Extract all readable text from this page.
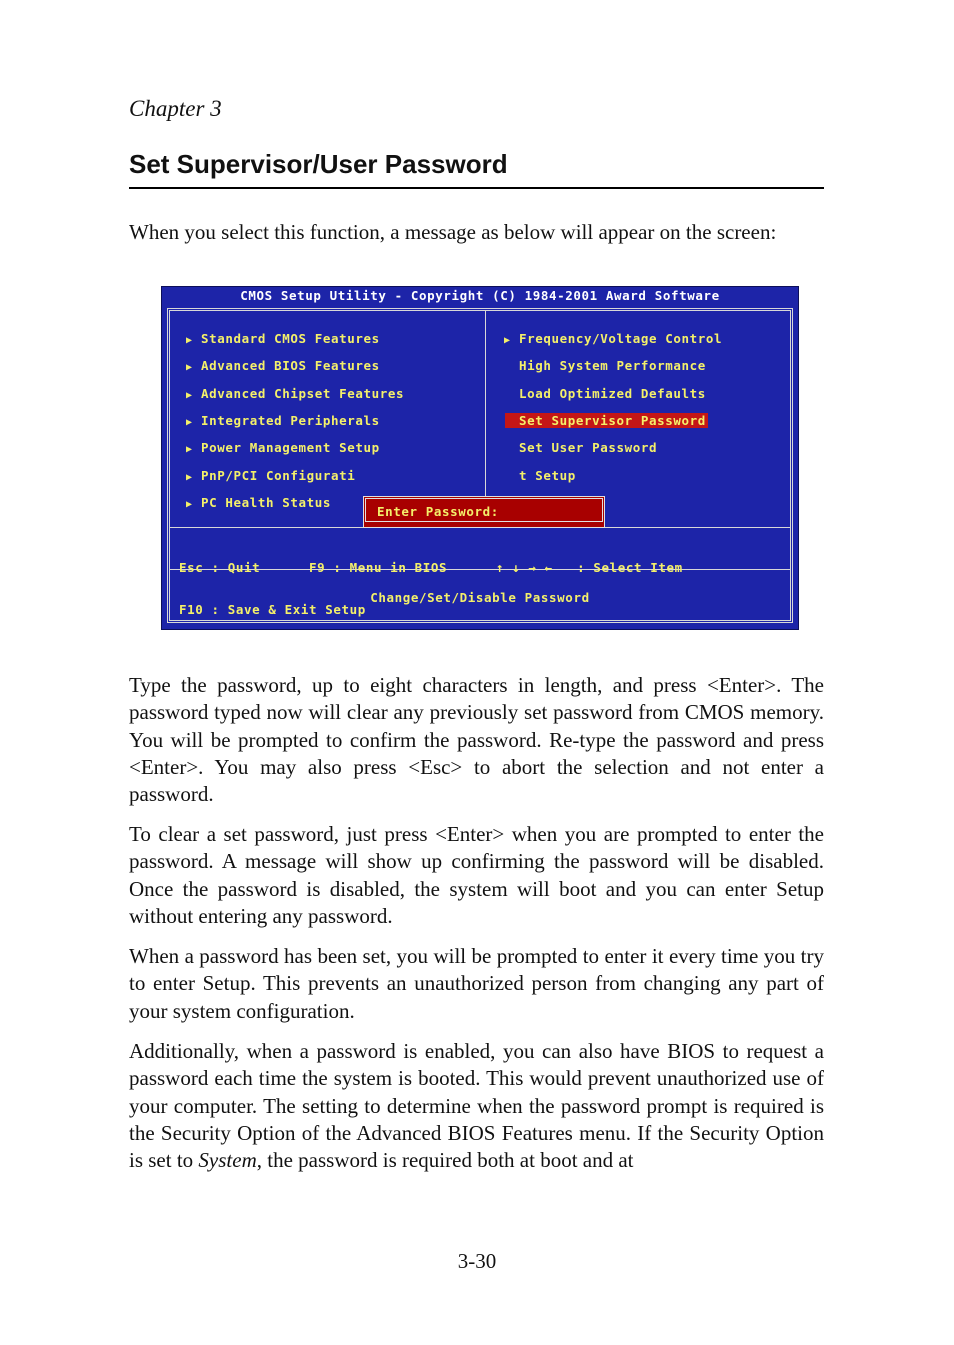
Chapter 3
Set Supervisor/User Password
When you select this function, a message as below will appear on the screen:
CMOS Setup Utility - Copyright (C) 1984-2001 Award Software
▶ Standard CMOS Features
▶ Advanced BIOS Features
▶ Advanced Chipset Features
▶ Integrated Peripherals
▶ Power Management Setup
▶ PnP/PCI Configurati
▶ PC Health Status
▶ Frequency/Voltage Control
High System Performance
Load Optimized Defaults
Set Supervisor Password
Set User Password
t Setup

Esc : Quit      F9 : Menu in BIOS      ↑ ↓ → ←   : Select Item

F10 : Save & Exit Setup

Change/Set/Disable Password
Enter Password:

Type the password, up to eight characters in length, and press <Enter>. The password typed now will clear any previously set password from CMOS memory. You will be prompted to confirm the password. Re-type the password and press <Enter>. You may also press <Esc> to abort the selection and not enter a password.

To clear a set password, just press <Enter> when you are prompted to enter the password. A message will show up confirming the password will be disabled. Once the password is disabled, the system will boot and you can enter Setup without entering any password.

When a password has been set, you will be prompted to enter it every time you try to enter Setup. This prevents an unauthorized person from changing any part of your system configuration.

Additionally, when a password is enabled, you can also have BIOS to request a password each time the system is booted. This would prevent unauthorized use of your computer. The setting to determine when the password prompt is required is the Security Option of the Advanced BIOS Features menu. If the Security Option is set to System, the password is required both at boot and at

3-30
